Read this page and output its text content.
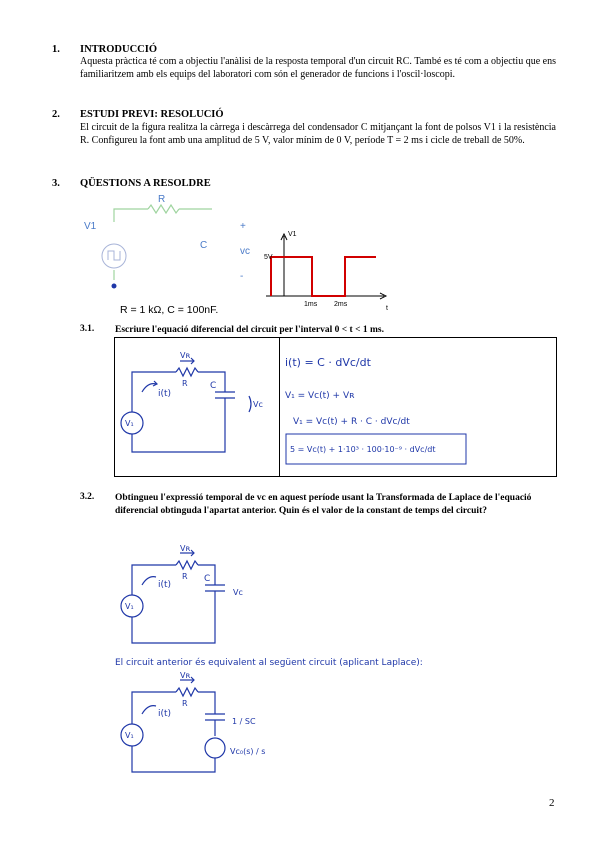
1. INTRODUCCIÓ
Aquesta pràctica té com a objectiu l'anàlisi de la resposta temporal d'un circuit RC. També es té com a objectiu que ens familiaritzem amb els equips del laboratori com són el generador de funcions i l'oscil·loscopi.
2. ESTUDI PREVI: RESOLUCIÓ
El circuit de la figura realitza la càrrega i descàrrega del condensador C mitjançant la font de polsos V1 i la resistència R. Configureu la font amb una amplitud de 5 V, valor mínim de 0 V, període T = 2 ms i cicle de treball de 50%.
3. QÜESTIONS A RESOLDRE
V1
R
C
+
vc
-
R = 1 kΩ, C = 100nF.
V1
5V
1ms 2ms
t
3.1. Escriure l'equació diferencial del circuit per l'interval 0 < t < 1 ms.
Vʀ
R
i(t)
C
Vc
V₁
i(t) = C · dVc/dt
V₁ = Vc(t) + Vʀ
V₁ = Vc(t) + R · C · dVc/dt
5 = Vc(t) + 1·10³ · 100·10⁻⁹ · dVc/dt
3.2. Obtingueu l'expressió temporal de vc en aquest període usant la Transformada de Laplace de l'equació diferencial obtinguda l'apartat anterior. Quin és el valor de la constant de temps del circuit?
Vʀ
R
i(t)
C
Vc
V₁
El circuit anterior és equivalent al següent circuit (aplicant Laplace):
Vʀ
R
i(t)
1 / SC
Vc₀(s) / s
V₁
2
